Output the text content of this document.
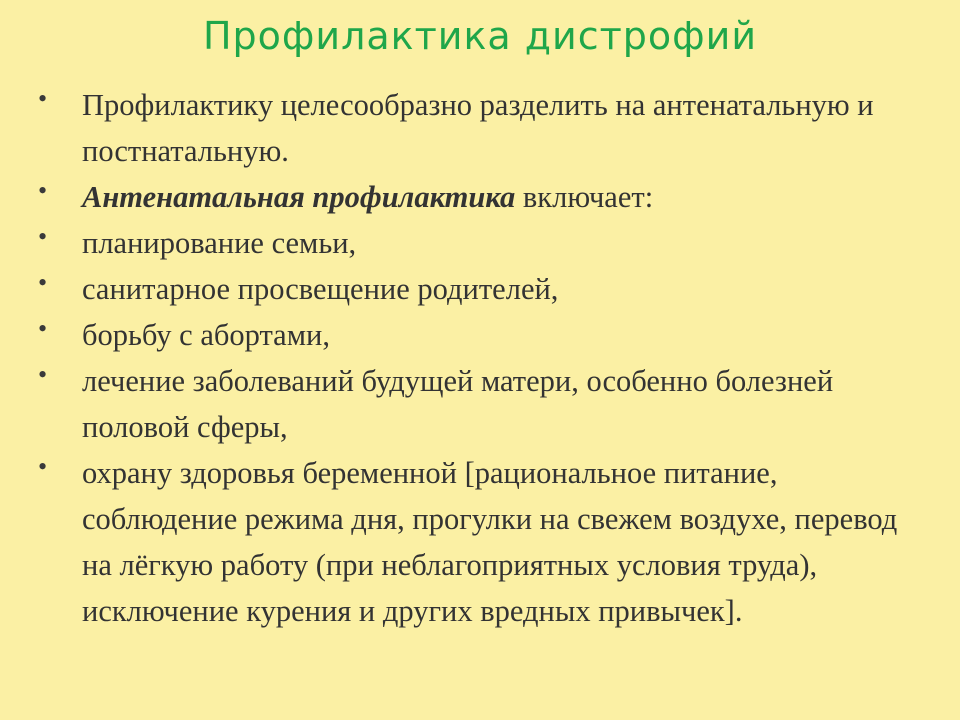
Профилактика дистрофий
• Профилактику целесообразно разделить на антенатальную и постнатальную.
• Антенатальная профилактика включает:
• планирование семьи,
• санитарное просвещение родителей,
• борьбу с абортами,
• лечение заболеваний будущей матери, особенно болезней половой сферы,
• охрану здоровья беременной [рациональное питание, соблюдение режима дня, прогулки на свежем воздухе, перевод на лёгкую работу (при неблагоприятных условия труда), исключение курения и других вредных привычек].
